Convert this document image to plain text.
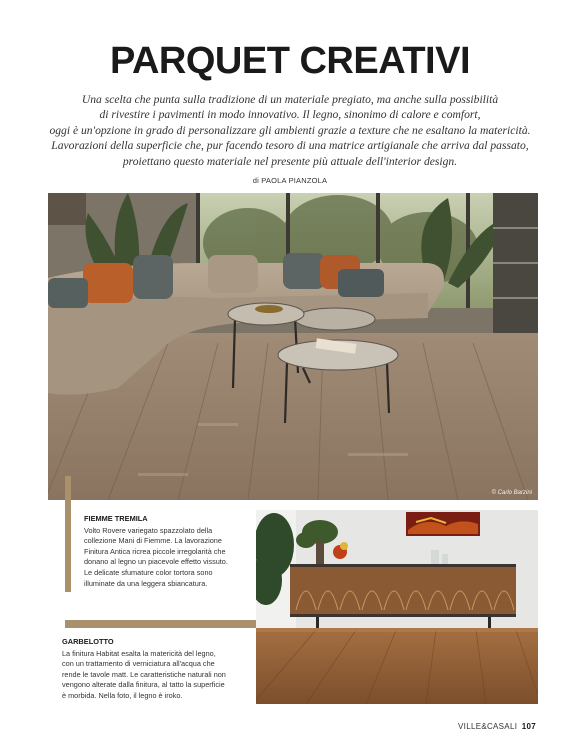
PARQUET CREATIVI
Una scelta che punta sulla tradizione di un materiale pregiato, ma anche sulla possibilità
di rivestire i pavimenti in modo innovativo. Il legno, sinonimo di calore e comfort,
oggi è un'opzione in grado di personalizzare gli ambienti grazie a texture che ne esaltano la matericità.
Lavorazioni della superficie che, pur facendo tesoro di una matrice artigianale che arriva dal passato,
proiettano questo materiale nel presente più attuale dell'interior design.
di PAOLA PIANZOLA
© Carlo Barzini
FIEMME TREMILA
Volto Rovere variegato spazzolato della
collezione Mani di Fiemme. La lavorazione
Finitura Antica ricrea piccole irregolarità che
donano al legno un piacevole effetto vissuto.
Le delicate sfumature color tortora sono
illuminate da una leggera sbiancatura.
GARBELOTTO
La finitura Habitat esalta la matericità del legno,
con un trattamento di verniciatura all'acqua che
rende le tavole matt. Le caratteristiche naturali non
vengono alterate dalla finitura, al tatto la superficie
è morbida. Nella foto, il legno è iroko.
VILLE&CASALI 107
